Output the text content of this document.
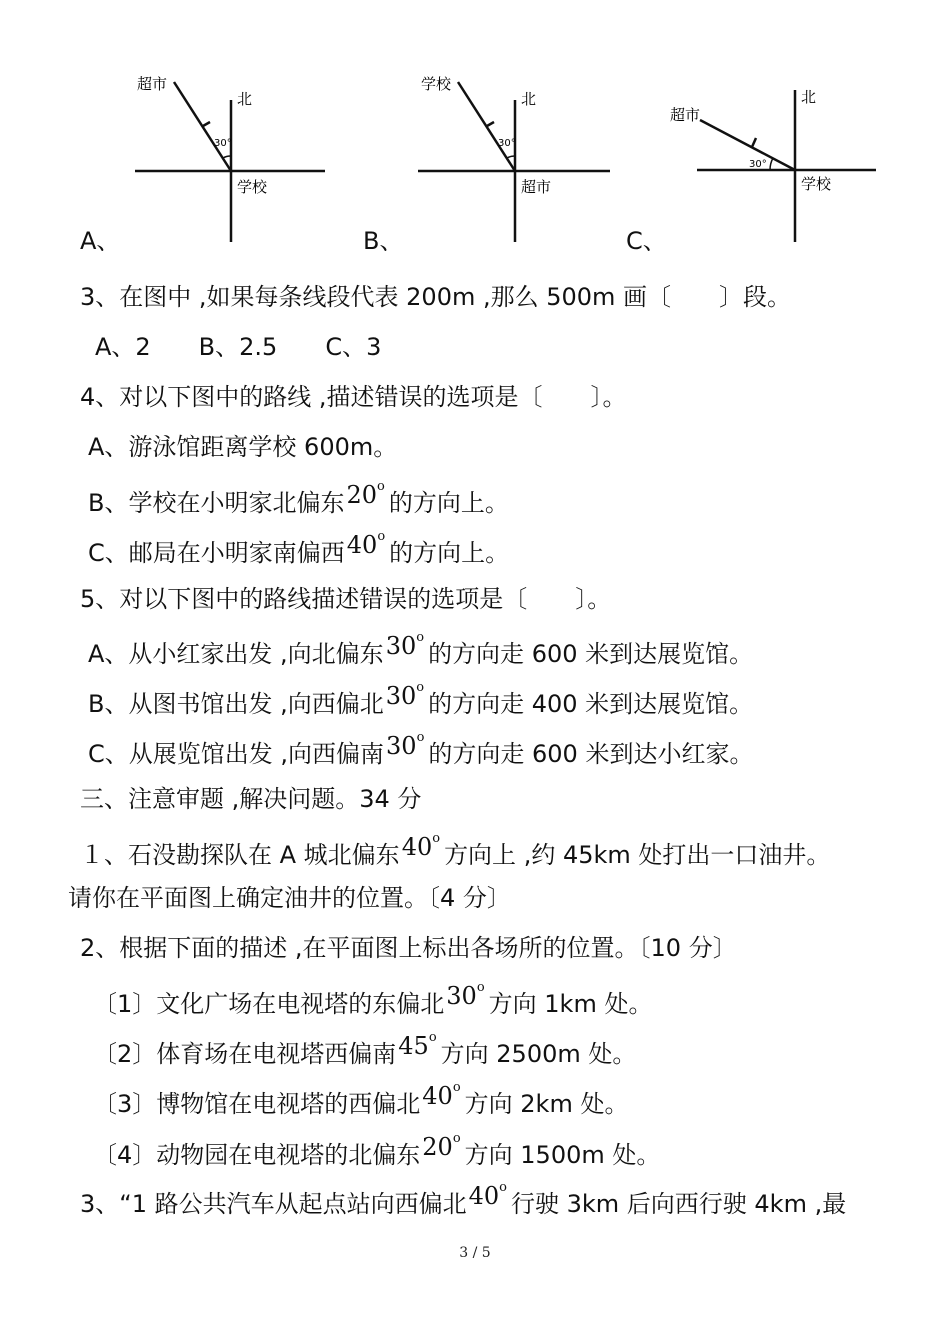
超市
北
学校
30°
学校
北
超市
30°
超市
北
学校
30°
A、	B、	C、
3、在图中 ,如果每条线段代表 200m ,那么 500m 画〔　　〕段。
A、2　　B、2.5　　C、3
4、对以下图中的路线 ,描述错误的选项是〔　　〕。
A、游泳馆距离学校 600m。
B、学校在小明家北偏东20$^o$的方向上。
C、邮局在小明家南偏西40$^o$的方向上。
5、对以下图中的路线描述错误的选项是〔　　〕。
A、从小红家出发 ,向北偏东30$^o$的方向走 600 米到达展览馆。
B、从图书馆出发 ,向西偏北30$^o$的方向走 400 米到达展览馆。
C、从展览馆出发 ,向西偏南30$^o$的方向走 600 米到达小红家。
三、注意审题 ,解决问题。34 分
１、石没勘探队在 A 城北偏东40$^o$方向上 ,约 45km 处打出一口油井。
请你在平面图上确定油井的位置。〔4 分〕
2、根据下面的描述 ,在平面图上标出各场所的位置。〔10 分〕
〔1〕文化广场在电视塔的东偏北30$^o$方向 1km 处。
〔2〕体育场在电视塔西偏南45$^o$方向 2500m 处。
〔3〕博物馆在电视塔的西偏北40$^o$方向 2km 处。
〔4〕动物园在电视塔的北偏东20$^o$方向 1500m 处。
3、“1 路公共汽车从起点站向西偏北40$^o$行驶 3km 后向西行驶 4km ,最
3 / 5
